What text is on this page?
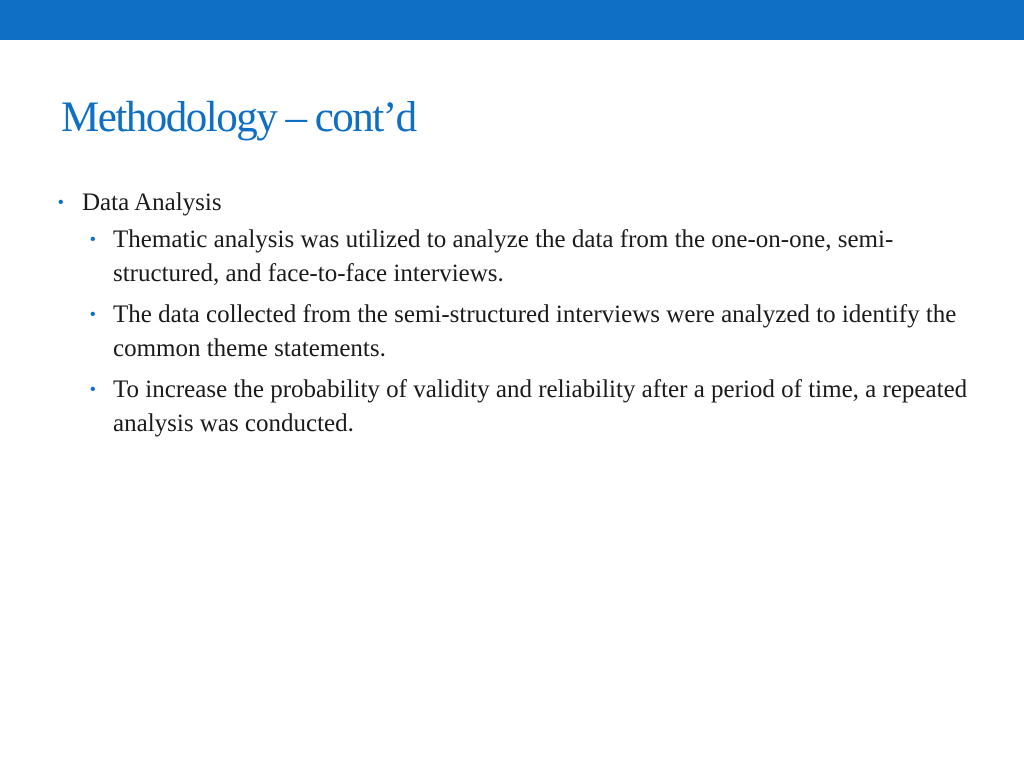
Methodology – cont’d
• Data Analysis
• Thematic analysis was utilized to analyze the data from the one-on-one, semi-structured, and face-to-face interviews.
• The data collected from the semi-structured interviews were analyzed to identify the common theme statements.
• To increase the probability of validity and reliability after a period of time, a repeated analysis was conducted.
